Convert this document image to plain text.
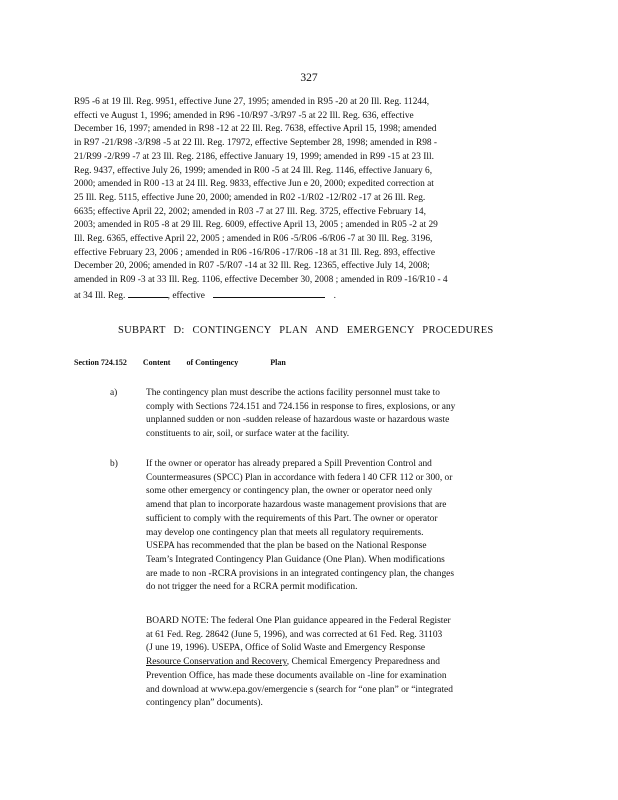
327
R95 -6 at 19 Ill. Reg. 9951, effective June 27, 1995; amended in R95 -20 at 20 Ill. Reg. 11244,
effecti ve August 1, 1996; amended in R96 -10/R97 -3/R97 -5 at 22 Ill. Reg. 636, effective
December 16, 1997; amended in R98 -12 at 22 Ill. Reg. 7638, effective April 15, 1998; amended
in R97 -21/R98 -3/R98 -5 at 22 Ill. Reg. 17972, effective September 28, 1998; amended in R98 -
21/R99 -2/R99 -7 at 23 Ill. Reg. 2186, effective January 19, 1999; amended in R99 -15 at 23 Ill.
Reg. 9437, effective July 26, 1999; amended in R00 -5 at 24 Ill. Reg. 1146, effective January 6,
2000; amended in R00 -13 at 24 Ill. Reg. 9833, effective Jun e 20, 2000; expedited correction at
25 Ill. Reg. 5115, effective June 20, 2000; amended in R02 -1/R02 -12/R02 -17 at 26 Ill. Reg.
6635; effective April 22, 2002; amended in R03 -7 at 27 Ill. Reg. 3725, effective February 14,
2003; amended in R05 -8 at 29 Ill. Reg. 6009, effective April 13, 2005 ; amended in R05 -2 at 29
Ill. Reg. 6365, effective April 22, 2005 ; amended in R06 -5/R06 -6/R06 -7 at 30 Ill. Reg. 3196,
effective February 23, 2006 ; amended in R06 -16/R06 -17/R06 -18 at 31 Ill. Reg. 893, effective
December 20, 2006; amended in R07 -5/R07 -14 at 32 Ill. Reg. 12365, effective July 14, 2008;
amended in R09 -3 at 33 Ill. Reg. 1106, effective December 30, 2008 ; amended in R09 -16/R10 - 4
at 34 Ill. Reg.	, effective	.
SUBPART D: CONTINGENCY PLAN AND EMERGENCY PROCEDURES
Section 724.152 Content of Contingency	Plan
a)	The contingency plan must describe the actions facility personnel must take to
comply with Sections 724.151 and 724.156 in response to fires, explosions, or any
unplanned sudden or non -sudden release of hazardous waste or hazardous waste
constituents to air, soil, or surface water at the facility.
b)	If the owner or operator has already prepared a Spill Prevention Control and
Countermeasures (SPCC) Plan in accordance with federa l 40 CFR 112 or 300, or
some other emergency or contingency plan, the owner or operator need only
amend that plan to incorporate hazardous waste management provisions that are
sufficient to comply with the requirements of this Part. The owner or operator
may develop one contingency plan that meets all regulatory requirements.
USEPA has recommended that the plan be based on the National Response
Team’s Integrated Contingency Plan Guidance (One Plan). When modifications
are made to non -RCRA provisions in an integrated contingency plan, the changes
do not trigger the need for a RCRA permit modification.
BOARD NOTE: The federal One Plan guidance appeared in the Federal Register
at 61 Fed. Reg. 28642 (June 5, 1996), and was corrected at 61 Fed. Reg. 31103
(J une 19, 1996). USEPA, Office of Solid Waste and Emergency Response
Resource Conservation and Recovery, Chemical Emergency Preparedness and
Prevention Office, has made these documents available on -line for examination
and download at www.epa.gov/emergencie s (search for “one plan” or “integrated
contingency plan” documents).
